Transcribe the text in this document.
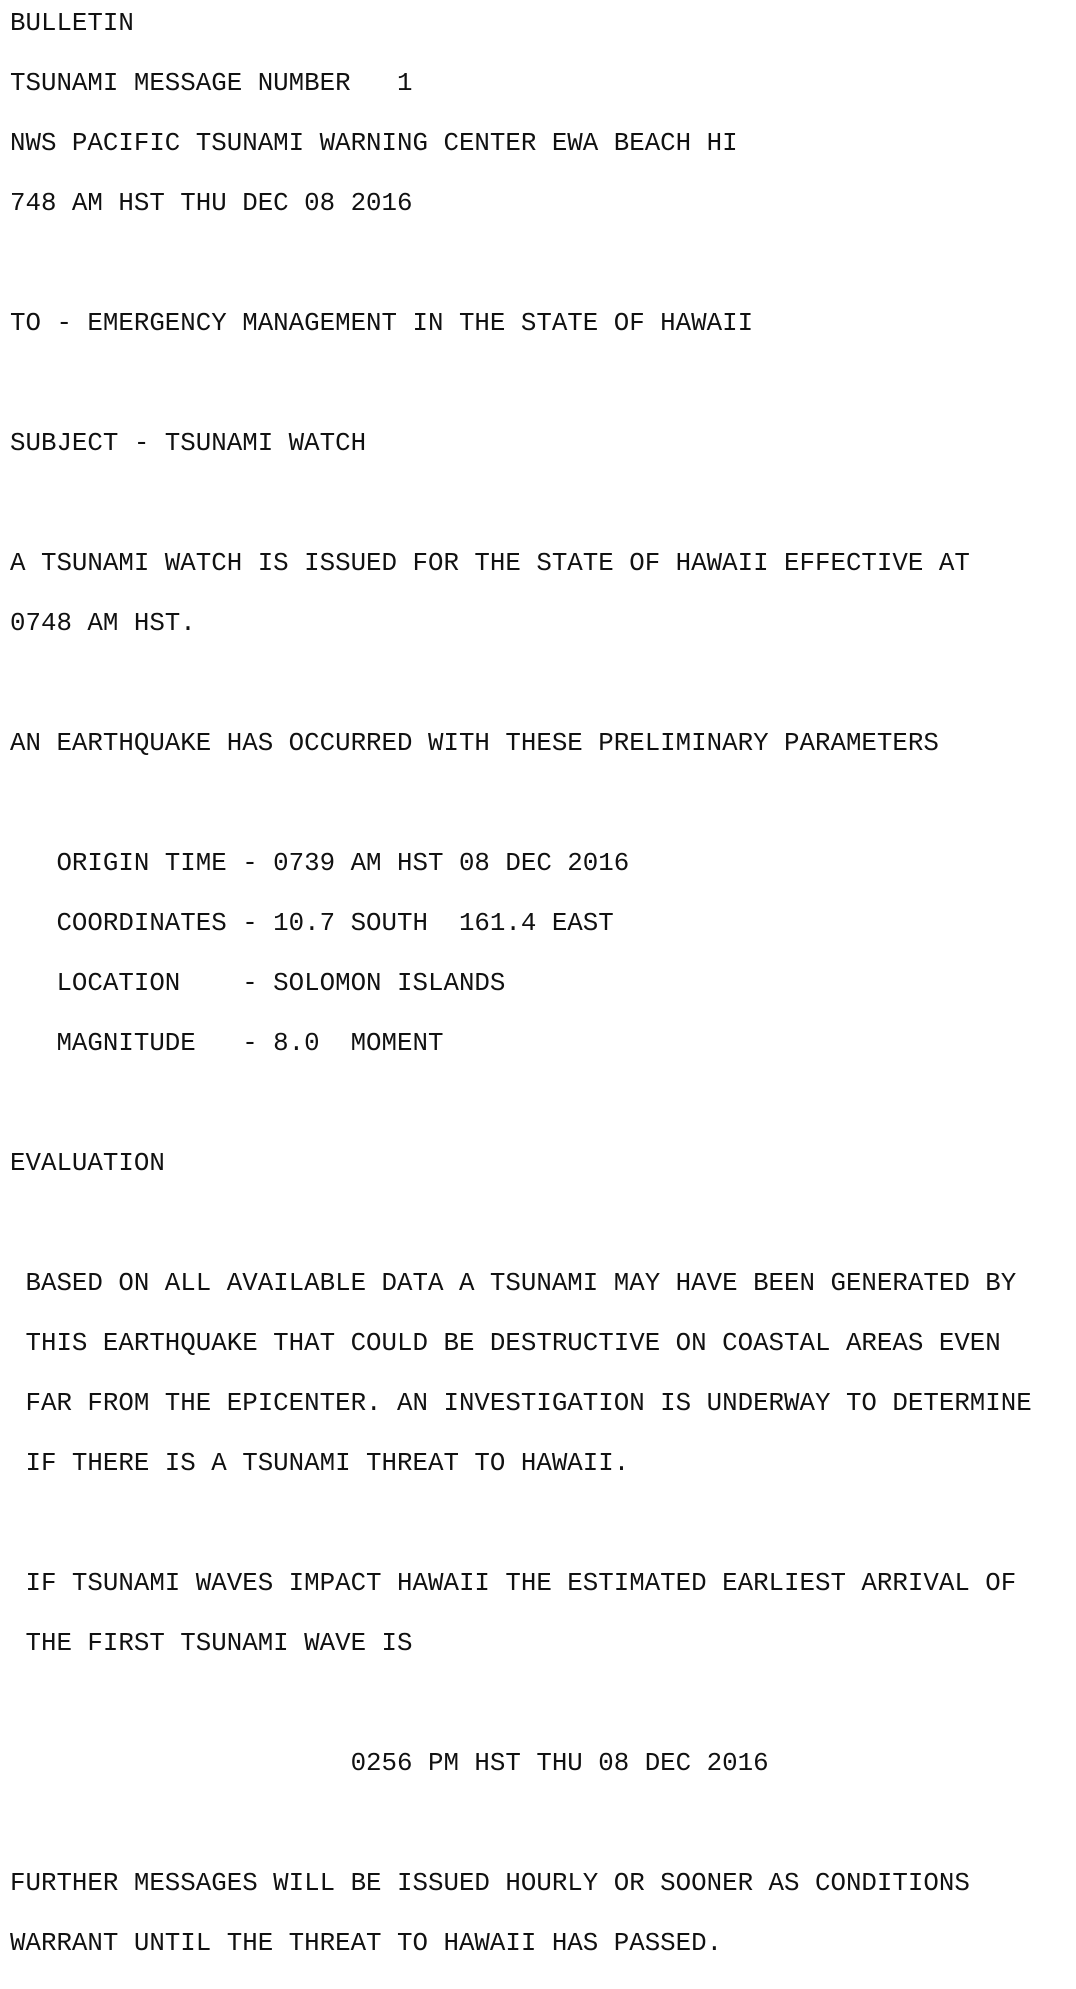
BULLETIN

TSUNAMI MESSAGE NUMBER   1

NWS PACIFIC TSUNAMI WARNING CENTER EWA BEACH HI

748 AM HST THU DEC 08 2016

TO - EMERGENCY MANAGEMENT IN THE STATE OF HAWAII

SUBJECT - TSUNAMI WATCH

A TSUNAMI WATCH IS ISSUED FOR THE STATE OF HAWAII EFFECTIVE AT

0748 AM HST.

AN EARTHQUAKE HAS OCCURRED WITH THESE PRELIMINARY PARAMETERS

ORIGIN TIME - 0739 AM HST 08 DEC 2016

COORDINATES - 10.7 SOUTH  161.4 EAST

LOCATION    - SOLOMON ISLANDS

MAGNITUDE   - 8.0  MOMENT

EVALUATION

BASED ON ALL AVAILABLE DATA A TSUNAMI MAY HAVE BEEN GENERATED BY

THIS EARTHQUAKE THAT COULD BE DESTRUCTIVE ON COASTAL AREAS EVEN

FAR FROM THE EPICENTER. AN INVESTIGATION IS UNDERWAY TO DETERMINE

IF THERE IS A TSUNAMI THREAT TO HAWAII.

IF TSUNAMI WAVES IMPACT HAWAII THE ESTIMATED EARLIEST ARRIVAL OF

THE FIRST TSUNAMI WAVE IS

0256 PM HST THU 08 DEC 2016

FURTHER MESSAGES WILL BE ISSUED HOURLY OR SOONER AS CONDITIONS

WARRANT UNTIL THE THREAT TO HAWAII HAS PASSED.
